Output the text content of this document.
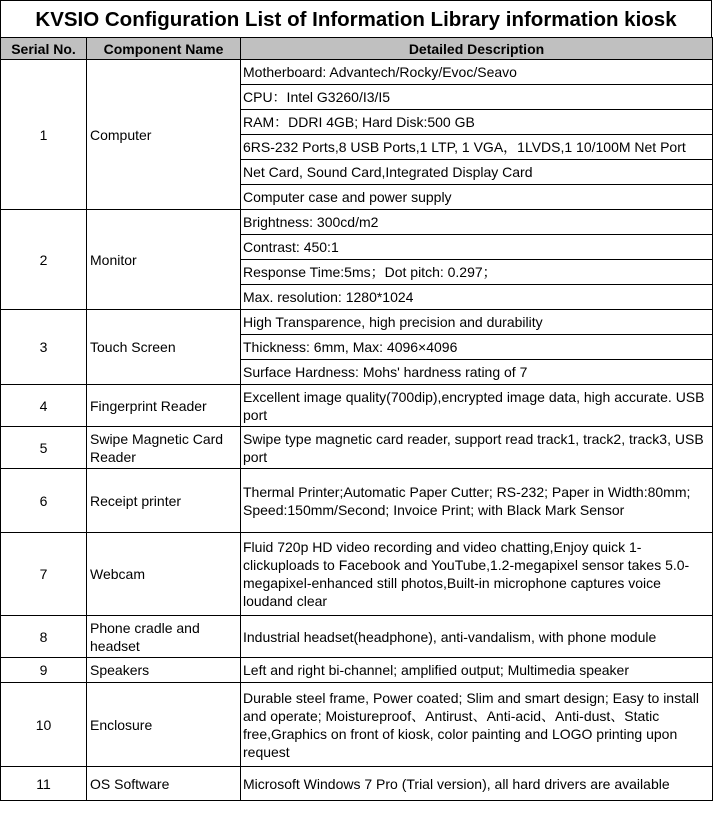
KVSIO Configuration List of Information Library information kiosk
Serial No.	Component Name	Detailed Description
1	Computer	Motherboard: Advantech/Rocky/Evoc/Seavo
		CPU：Intel G3260/I3/I5
		RAM：DDRI 4GB; Hard Disk:500 GB
		6RS-232 Ports,8 USB Ports,1 LTP, 1 VGA，1LVDS,1 10/100M Net Port
		Net Card, Sound Card,Integrated Display Card
		Computer case and power supply
2	Monitor	Brightness: 300cd/m2
		Contrast: 450:1
		Response Time:5ms；Dot pitch: 0.297；
		Max. resolution: 1280*1024
3	Touch Screen	High Transparence, high precision and durability
		Thickness: 6mm, Max: 4096×4096
		Surface Hardness: Mohs' hardness rating of 7
4	Fingerprint Reader	Excellent image quality(700dip),encrypted image data, high accurate. USB port
5	Swipe Magnetic Card Reader	Swipe type magnetic card reader, support read track1, track2, track3, USB port
6	Receipt printer	Thermal Printer;Automatic Paper Cutter; RS-232; Paper in Width:80mm; Speed:150mm/Second; Invoice Print; with Black Mark Sensor
7	Webcam	Fluid 720p HD video recording and video chatting,Enjoy quick 1-clickuploads to Facebook and YouTube,1.2-megapixel sensor takes 5.0-megapixel-enhanced still photos,Built-in microphone captures voice loudand clear
8	Phone cradle and headset	Industrial headset(headphone), anti-vandalism, with phone module
9	Speakers	Left and right bi-channel; amplified output; Multimedia speaker
10	Enclosure	Durable steel frame, Power coated; Slim and smart design; Easy to install and operate; Moistureproof、Antirust、Anti-acid、Anti-dust、Static free,Graphics on front of kiosk, color painting and LOGO printing upon request
11	OS Software	Microsoft Windows 7 Pro (Trial version), all hard drivers are available
